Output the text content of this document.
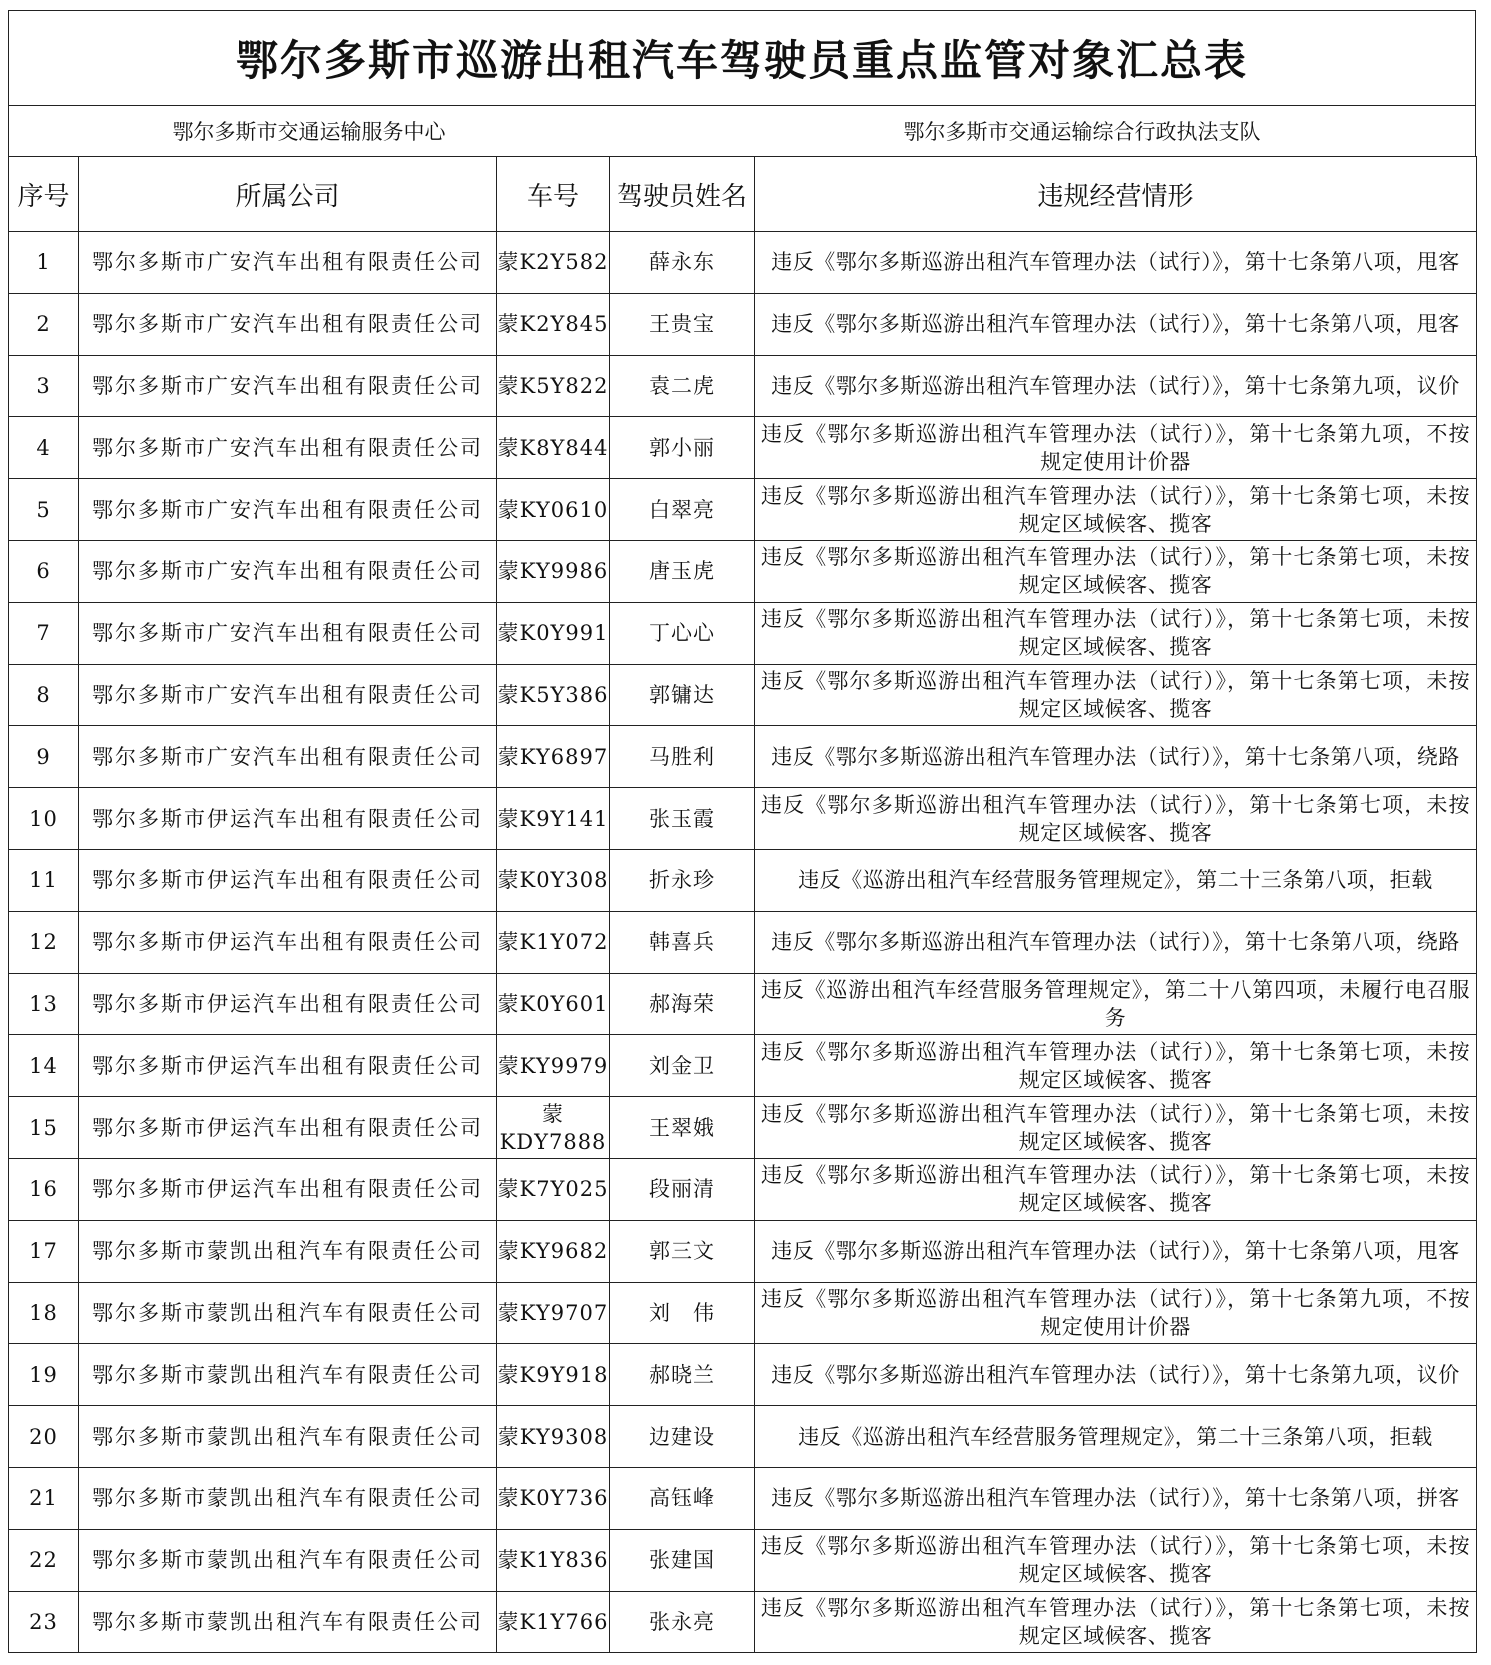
鄂尔多斯市巡游出租汽车驾驶员重点监管对象汇总表
鄂尔多斯市交通运输服务中心	鄂尔多斯市交通运输综合行政执法支队
序号	所属公司	车号	驾驶员姓名	违规经营情形
1	鄂尔多斯市广安汽车出租有限责任公司	蒙K2Y582	薛永东	违反《鄂尔多斯巡游出租汽车管理办法（试行）》，第十七条第八项，甩客
2	鄂尔多斯市广安汽车出租有限责任公司	蒙K2Y845	王贵宝	违反《鄂尔多斯巡游出租汽车管理办法（试行）》，第十七条第八项，甩客
3	鄂尔多斯市广安汽车出租有限责任公司	蒙K5Y822	袁二虎	违反《鄂尔多斯巡游出租汽车管理办法（试行）》，第十七条第九项，议价
4	鄂尔多斯市广安汽车出租有限责任公司	蒙K8Y844	郭小丽	违反《鄂尔多斯巡游出租汽车管理办法（试行）》，第十七条第九项，不按规定使用计价器
5	鄂尔多斯市广安汽车出租有限责任公司	蒙KY0610	白翠亮	违反《鄂尔多斯巡游出租汽车管理办法（试行）》，第十七条第七项，未按规定区域候客、揽客
6	鄂尔多斯市广安汽车出租有限责任公司	蒙KY9986	唐玉虎	违反《鄂尔多斯巡游出租汽车管理办法（试行）》，第十七条第七项，未按规定区域候客、揽客
7	鄂尔多斯市广安汽车出租有限责任公司	蒙K0Y991	丁心心	违反《鄂尔多斯巡游出租汽车管理办法（试行）》，第十七条第七项，未按规定区域候客、揽客
8	鄂尔多斯市广安汽车出租有限责任公司	蒙K5Y386	郭镛达	违反《鄂尔多斯巡游出租汽车管理办法（试行）》，第十七条第七项，未按规定区域候客、揽客
9	鄂尔多斯市广安汽车出租有限责任公司	蒙KY6897	马胜利	违反《鄂尔多斯巡游出租汽车管理办法（试行）》，第十七条第八项，绕路
10	鄂尔多斯市伊运汽车出租有限责任公司	蒙K9Y141	张玉霞	违反《鄂尔多斯巡游出租汽车管理办法（试行）》，第十七条第七项，未按规定区域候客、揽客
11	鄂尔多斯市伊运汽车出租有限责任公司	蒙K0Y308	折永珍	违反《巡游出租汽车经营服务管理规定》，第二十三条第八项，拒载
12	鄂尔多斯市伊运汽车出租有限责任公司	蒙K1Y072	韩喜兵	违反《鄂尔多斯巡游出租汽车管理办法（试行）》，第十七条第八项，绕路
13	鄂尔多斯市伊运汽车出租有限责任公司	蒙K0Y601	郝海荣	违反《巡游出租汽车经营服务管理规定》，第二十八第四项，未履行电召服务
14	鄂尔多斯市伊运汽车出租有限责任公司	蒙KY9979	刘金卫	违反《鄂尔多斯巡游出租汽车管理办法（试行）》，第十七条第七项，未按规定区域候客、揽客
15	鄂尔多斯市伊运汽车出租有限责任公司	蒙KDY7888	王翠娥	违反《鄂尔多斯巡游出租汽车管理办法（试行）》，第十七条第七项，未按规定区域候客、揽客
16	鄂尔多斯市伊运汽车出租有限责任公司	蒙K7Y025	段丽清	违反《鄂尔多斯巡游出租汽车管理办法（试行）》，第十七条第七项，未按规定区域候客、揽客
17	鄂尔多斯市蒙凯出租汽车有限责任公司	蒙KY9682	郭三文	违反《鄂尔多斯巡游出租汽车管理办法（试行）》，第十七条第八项，甩客
18	鄂尔多斯市蒙凯出租汽车有限责任公司	蒙KY9707	刘　伟	违反《鄂尔多斯巡游出租汽车管理办法（试行）》，第十七条第九项，不按规定使用计价器
19	鄂尔多斯市蒙凯出租汽车有限责任公司	蒙K9Y918	郝晓兰	违反《鄂尔多斯巡游出租汽车管理办法（试行）》，第十七条第九项，议价
20	鄂尔多斯市蒙凯出租汽车有限责任公司	蒙KY9308	边建设	违反《巡游出租汽车经营服务管理规定》，第二十三条第八项，拒载
21	鄂尔多斯市蒙凯出租汽车有限责任公司	蒙K0Y736	高钰峰	违反《鄂尔多斯巡游出租汽车管理办法（试行）》，第十七条第八项，拼客
22	鄂尔多斯市蒙凯出租汽车有限责任公司	蒙K1Y836	张建国	违反《鄂尔多斯巡游出租汽车管理办法（试行）》，第十七条第七项，未按规定区域候客、揽客
23	鄂尔多斯市蒙凯出租汽车有限责任公司	蒙K1Y766	张永亮	违反《鄂尔多斯巡游出租汽车管理办法（试行）》，第十七条第七项，未按规定区域候客、揽客
